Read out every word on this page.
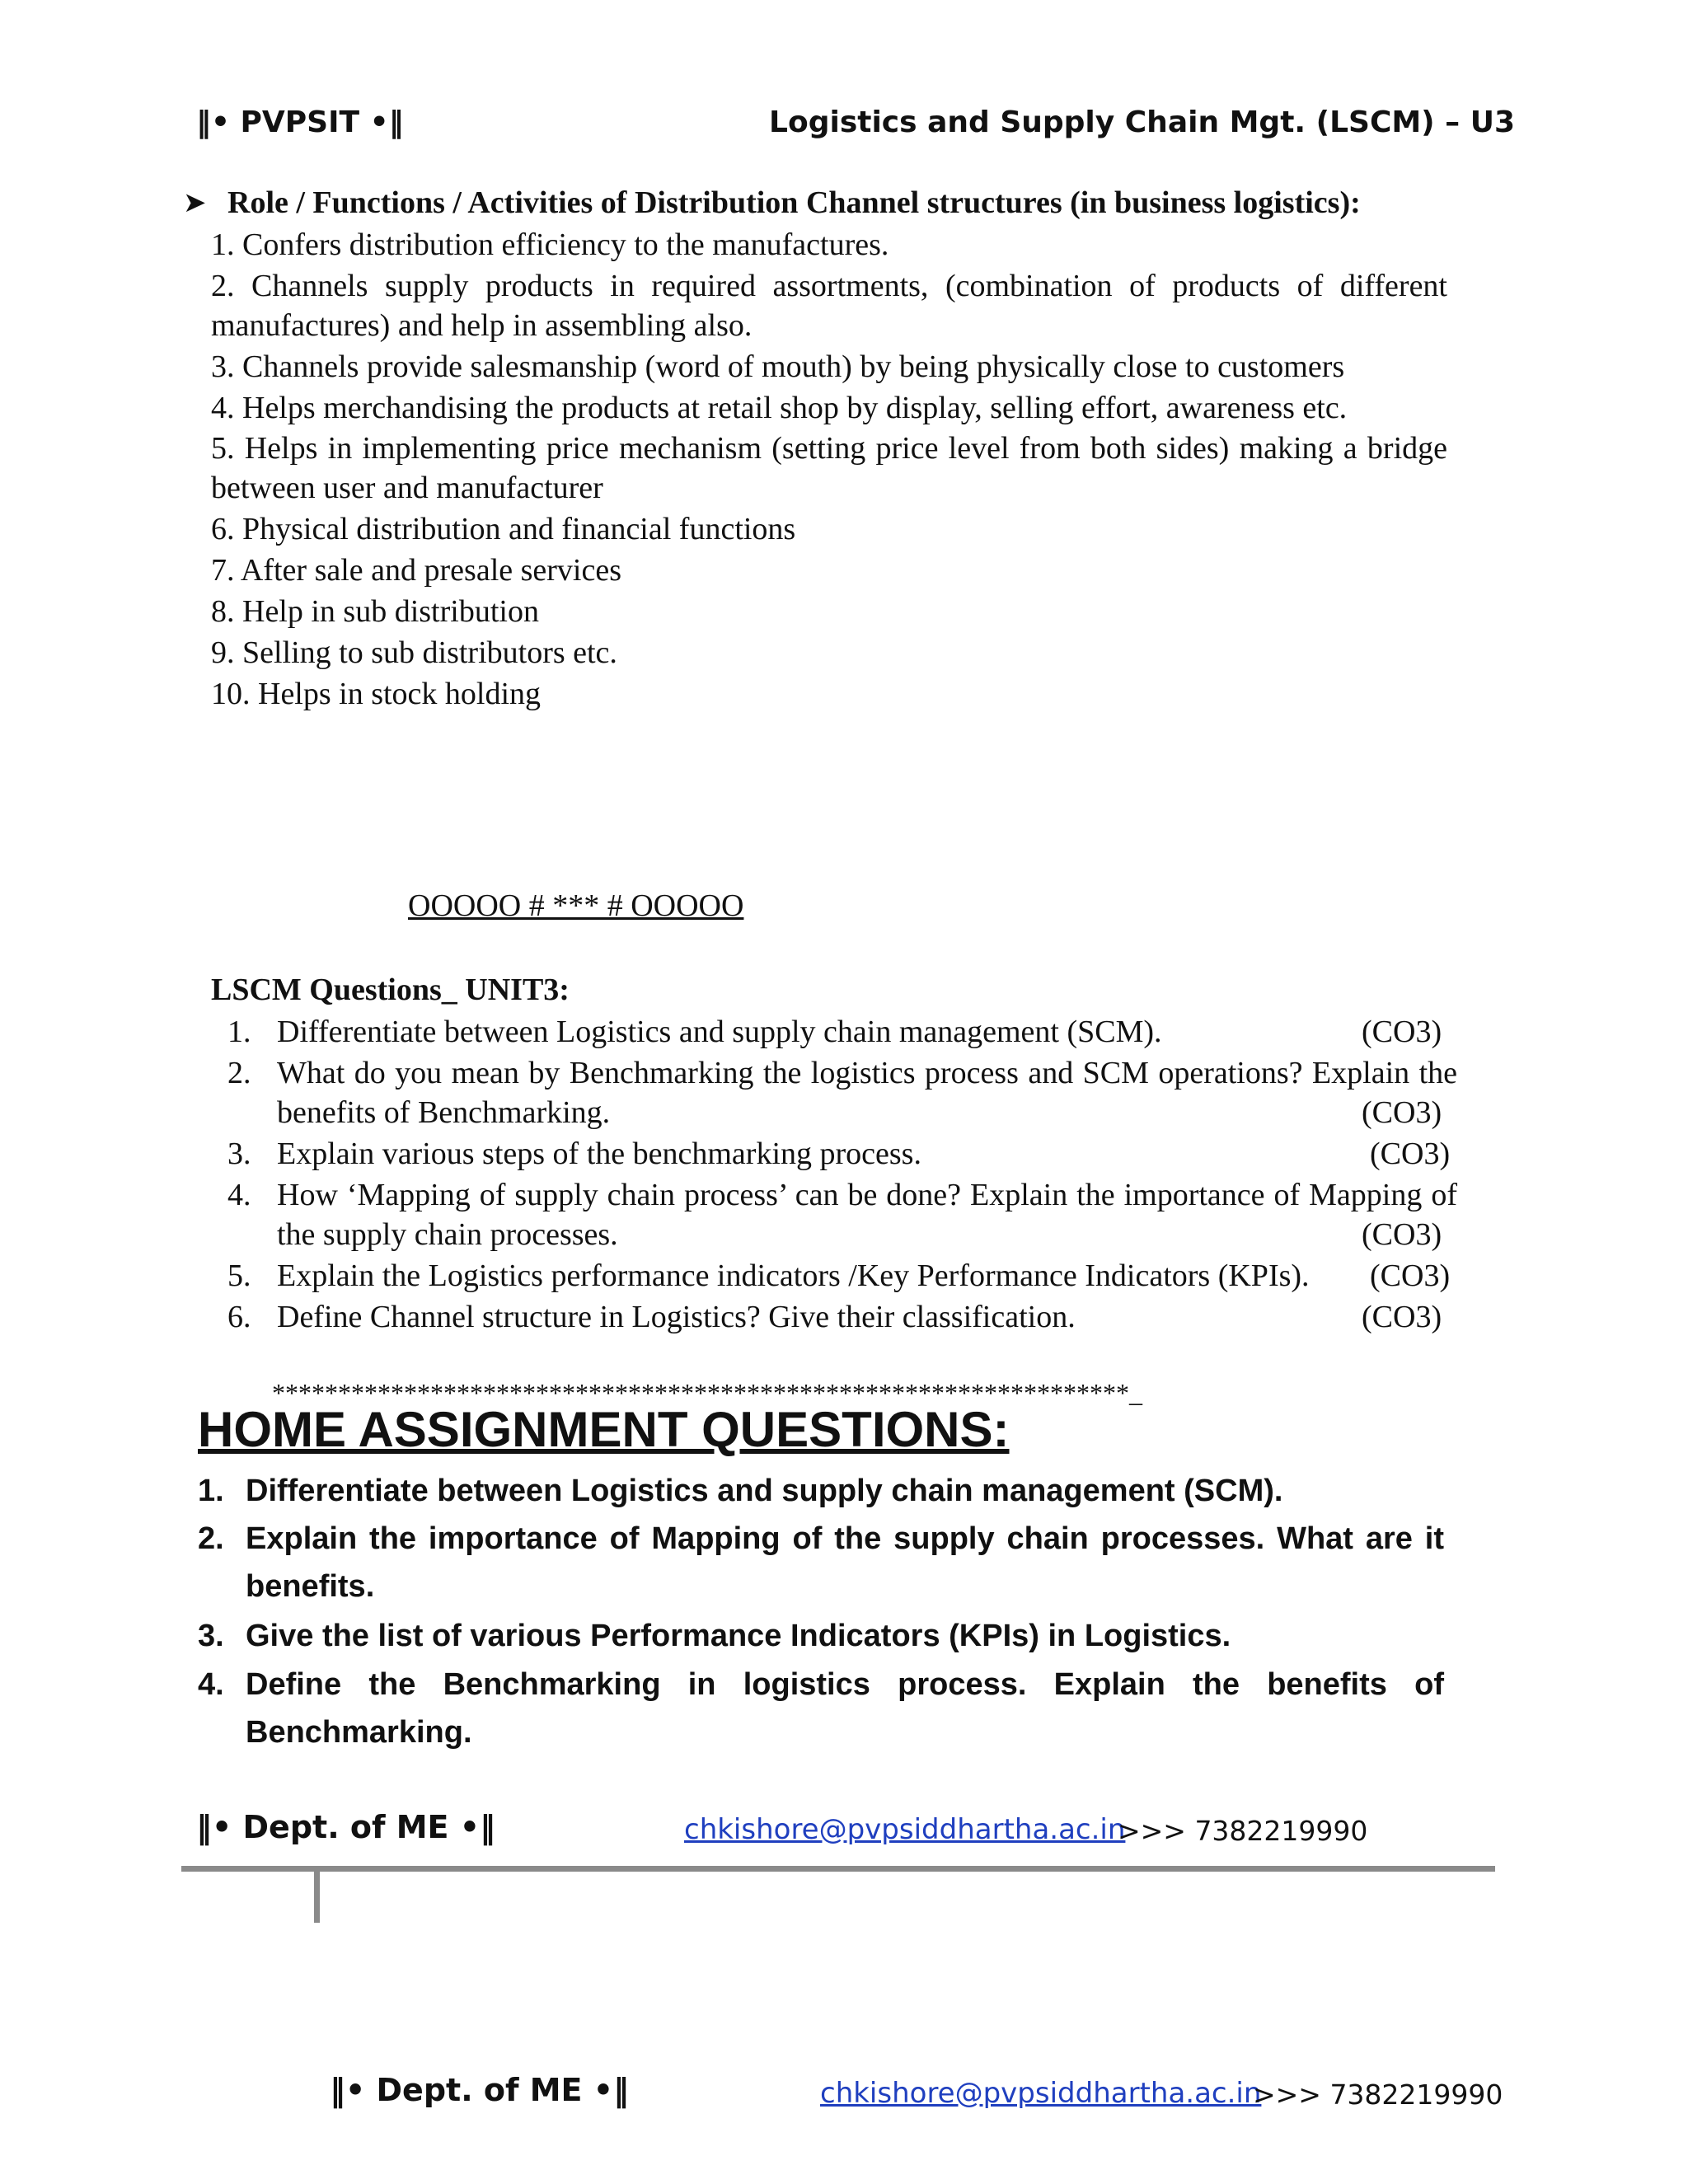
‖• PVPSIT •‖	Logistics and Supply Chain Mgt. (LSCM) – U3
➤ Role / Functions / Activities of Distribution Channel structures (in business logistics):
1. Confers distribution efficiency to the manufactures.
2. Channels supply products in required assortments, (combination of products of different manufactures) and help in assembling also.
3. Channels provide salesmanship (word of mouth) by being physically close to customers
4. Helps merchandising the products at retail shop by display, selling effort, awareness etc.
5. Helps in implementing price mechanism (setting price level from both sides) making a bridge between user and manufacturer
6. Physical distribution and financial functions
7. After sale and presale services
8. Help in sub distribution
9. Selling to sub distributors etc.
10. Helps in stock holding
OOOOO # *** # OOOOO
LSCM Questions_ UNIT3:
1. Differentiate between Logistics and supply chain management (SCM).	(CO3)
2. What do you mean by Benchmarking the logistics process and SCM operations? Explain the benefits of Benchmarking.	(CO3)
3. Explain various steps of the benchmarking process.	(CO3)
4. How ‘Mapping of supply chain process’ can be done? Explain the importance of Mapping of the supply chain processes.	(CO3)
5. Explain the Logistics performance indicators /Key Performance Indicators (KPIs). (CO3)
6. Define Channel structure in Logistics? Give their classification.	(CO3)
*****************************************************************_
HOME ASSIGNMENT QUESTIONS:
1. Differentiate between Logistics and supply chain management (SCM).
2. Explain the importance of Mapping of the supply chain processes. What are it benefits.
3. Give the list of various Performance Indicators (KPIs) in Logistics.
4. Define the Benchmarking in logistics process. Explain the benefits of Benchmarking.
‖• Dept. of ME •‖	chkishore@pvpsiddhartha.ac.in
>>> 7382219990
‖• Dept. of ME •‖	chkishore@pvpsiddhartha.ac.in
>>> 7382219990
